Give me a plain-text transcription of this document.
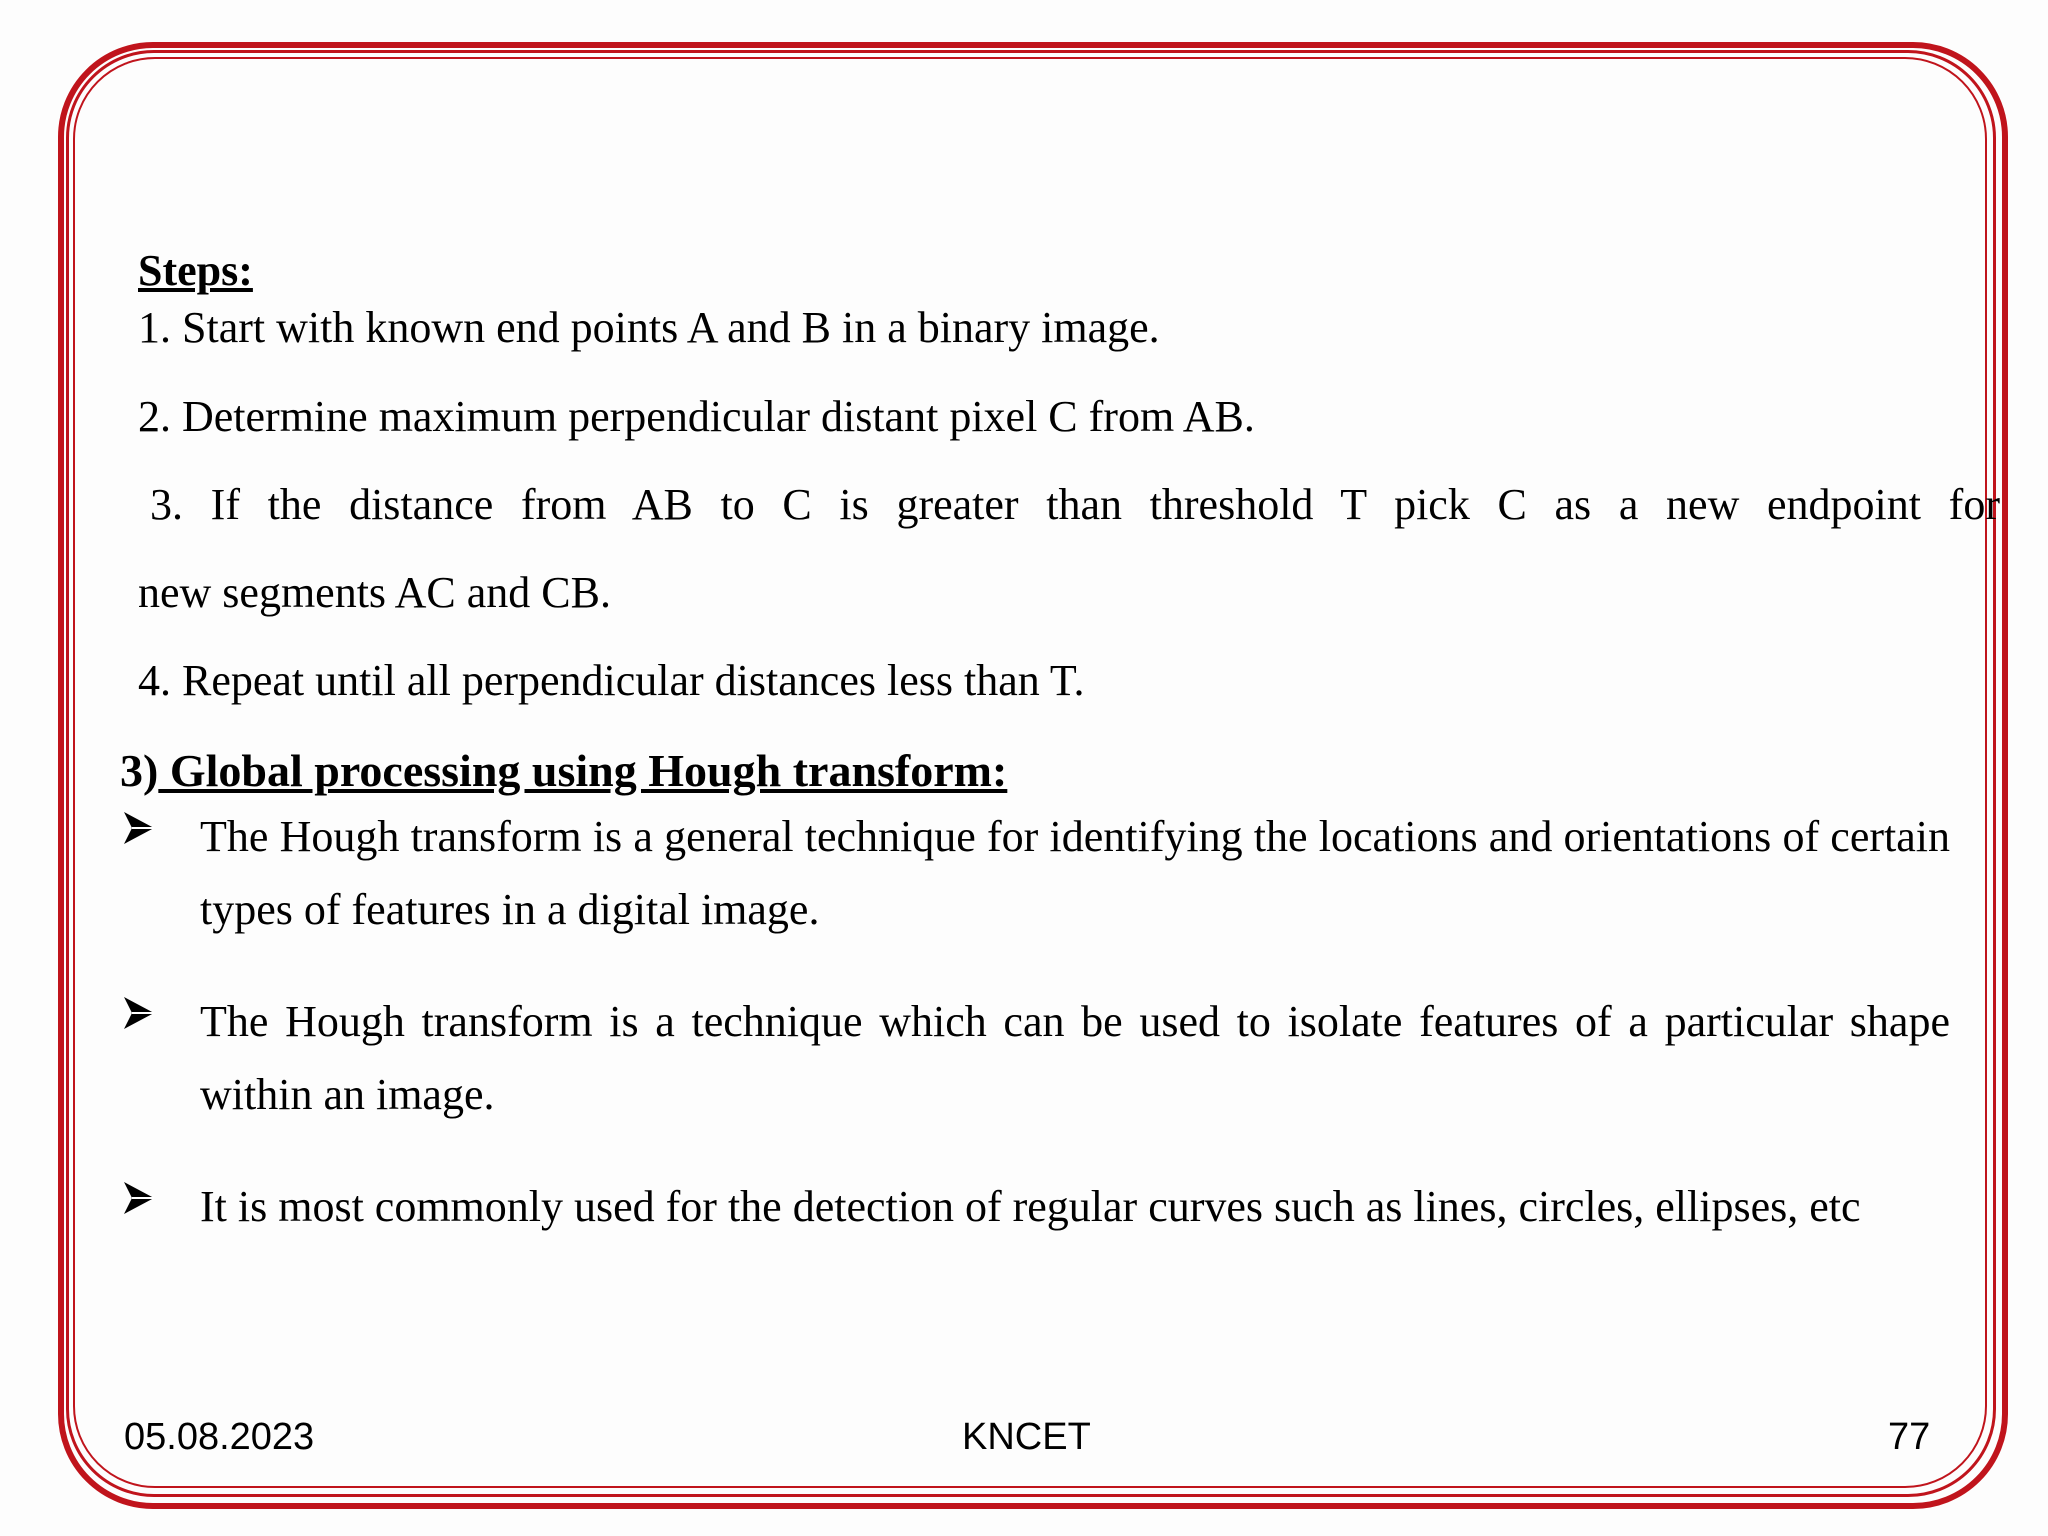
Steps:
1. Start with known end points A and B in a binary image.
2. Determine maximum perpendicular distant pixel C from AB.
3. If the distance from AB to C is greater than threshold T pick C as a new endpoint for
new segments AC and CB.
4. Repeat until all perpendicular distances less than T.
3) Global processing using Hough transform:
The Hough transform is a general technique for identifying the locations and orientations of certain types of features in a digital image.
The Hough transform is a technique which can be used to isolate features of a particular shape within an image.
It is most commonly used for the detection of regular curves such as lines, circles, ellipses, etc
05.08.2023	KNCET	77
